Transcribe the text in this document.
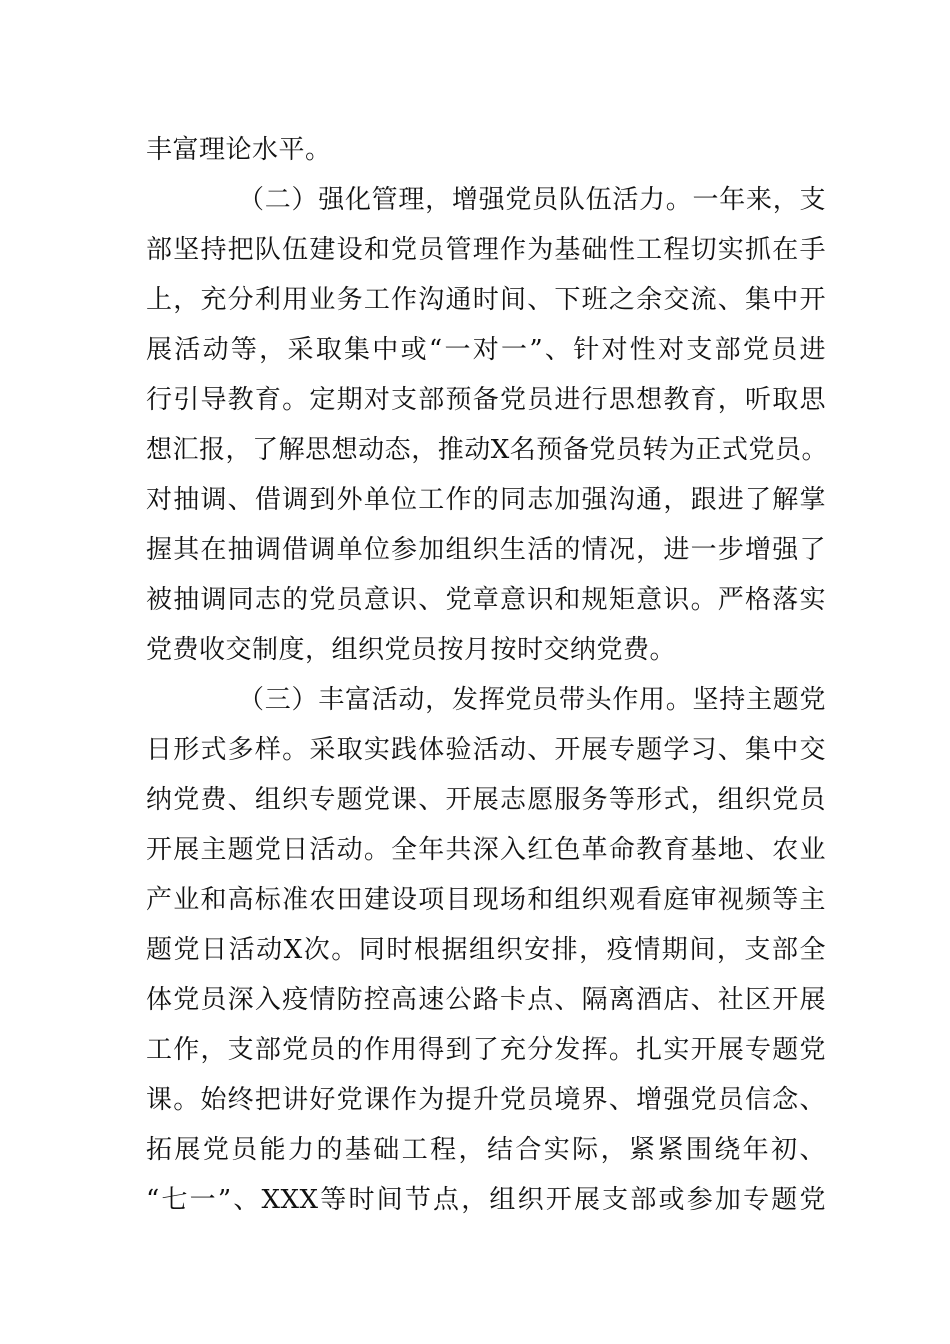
丰富理论水平。
（二）强化管理，增强党员队伍活力。一年来，支
部坚持把队伍建设和党员管理作为基础性工程切实抓在手
上，充分利用业务工作沟通时间、下班之余交流、集中开
展活动等，采取集中或“一对一”、针对性对支部党员进
行引导教育。定期对支部预备党员进行思想教育，听取思
想汇报，了解思想动态，推动X名预备党员转为正式党员。
对抽调、借调到外单位工作的同志加强沟通，跟进了解掌
握其在抽调借调单位参加组织生活的情况，进一步增强了
被抽调同志的党员意识、党章意识和规矩意识。严格落实
党费收交制度，组织党员按月按时交纳党费。
（三）丰富活动，发挥党员带头作用。坚持主题党
日形式多样。采取实践体验活动、开展专题学习、集中交
纳党费、组织专题党课、开展志愿服务等形式，组织党员
开展主题党日活动。全年共深入红色革命教育基地、农业
产业和高标准农田建设项目现场和组织观看庭审视频等主
题党日活动X次。同时根据组织安排，疫情期间，支部全
体党员深入疫情防控高速公路卡点、隔离酒店、社区开展
工作，支部党员的作用得到了充分发挥。扎实开展专题党
课。始终把讲好党课作为提升党员境界、增强党员信念、
拓展党员能力的基础工程，结合实际，紧紧围绕年初、
“七一”、XXX等时间节点，组织开展支部或参加专题党
